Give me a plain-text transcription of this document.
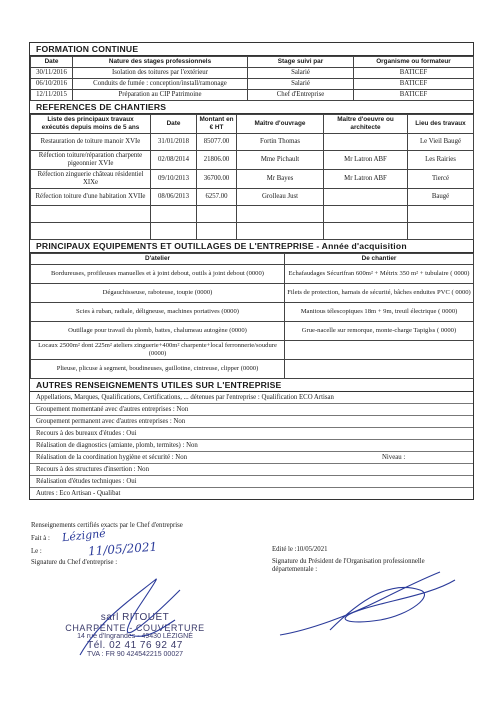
FORMATION CONTINUE
Date	Nature des stages professionnels	Stage suivi par	Organisme ou formateur
30/11/2016	Isolation des toitures par l'extérieur	Salarié	BATICEF
06/10/2016	Conduits de fumée : conception/install/ramonage	Salarié	BATICEF
12/11/2015	Préparation au CIP Patrimoine	Chef d'Entreprise	BATICEF
REFERENCES DE CHANTIERS
Liste des principaux travaux exécutés depuis moins de 5 ans	Date	Montant en € HT	Maître d'ouvrage	Maître d'oeuvre ou architecte	Lieu des travaux
Restauration de toiture manoir XVIe	31/01/2018	85077.00	Fortin Thomas		Le Vieil Baugé
Réfection toiture/réparation charpente pigeonnier XVIe	02/08/2014	21806.00	Mme Pichault	Mr Latron ABF	Les Rairies
Réfection zinguerie château résidentiel XIXe	09/10/2013	36700.00	Mr Bayes	Mr Latron ABF	Tiercé
Réfection toiture d'une habitation XVIIe	08/06/2013	6257.00	Grolleau Just		Baugé

PRINCIPAUX EQUIPEMENTS ET OUTILLAGES DE L'ENTREPRISE - Année d'acquisition
D'atelier	De chantier
Bordureuses, profileuses manuelles et à joint debout, outils à joint debout (0000)	Echafaudages Sécurifran 600m² + Métrix 350 m² + tubulaire ( 0000)
Dégauchisseuse, raboteuse, toupie (0000)	Filets de protection, harnais de sécurité, bâches enduites PVC ( 0000)
Scies à ruban, radiale, déligneuse, machines portatives (0000)	Manitous télescopiques 18m + 9m, treuil électrique ( 0000)
Outillage pour travail du plomb, battes, chalumeau autogène (0000)	Grue-nacelle sur remorque, monte-charge Tapiglss ( 0000)
Locaux 2500m² dont 225m² ateliers zinguerie+400m² charpente+local ferronnerie/soudure (0000)	
Plieuse, plicuse à segment, boudineuses, guillotine, cintreuse, clipper (0000)	
AUTRES RENSEIGNEMENTS UTILES SUR L'ENTREPRISE
Appellations, Marques, Qualifications, Certifications, ... détenues par l'entreprise : Qualification ECO Artisan
Groupement momentané avec d'autres entreprises : Non
Groupement permanent avec d'autres entreprises : Non
Recours à des bureaux d'études : Oui
Réalisation de diagnostics (amiante, plomb, termites) : Non
Réalisation de la coordination hygiène et sécurité : Non	Niveau :
Recours à des structures d'insertion : Non
Réalisation d'études techniques : Oui
Autres : Eco Artisan - Qualibat
Renseignements certifiés exacts par le Chef d'entreprise
Fait à : Lézigné
Le :	11/05/2021
Signature du Chef d'entreprise :
Edité le :10/05/2021
Signature du Président de l'Organisation professionnelle départementale :
sarl RITOUET
CHARPENTE - COUVERTURE
14 rue d'Ingrandes - 49430 LÉZIGNÉ
Tél. 02 41 76 92 47
TVA : FR 90 424542215 00027
